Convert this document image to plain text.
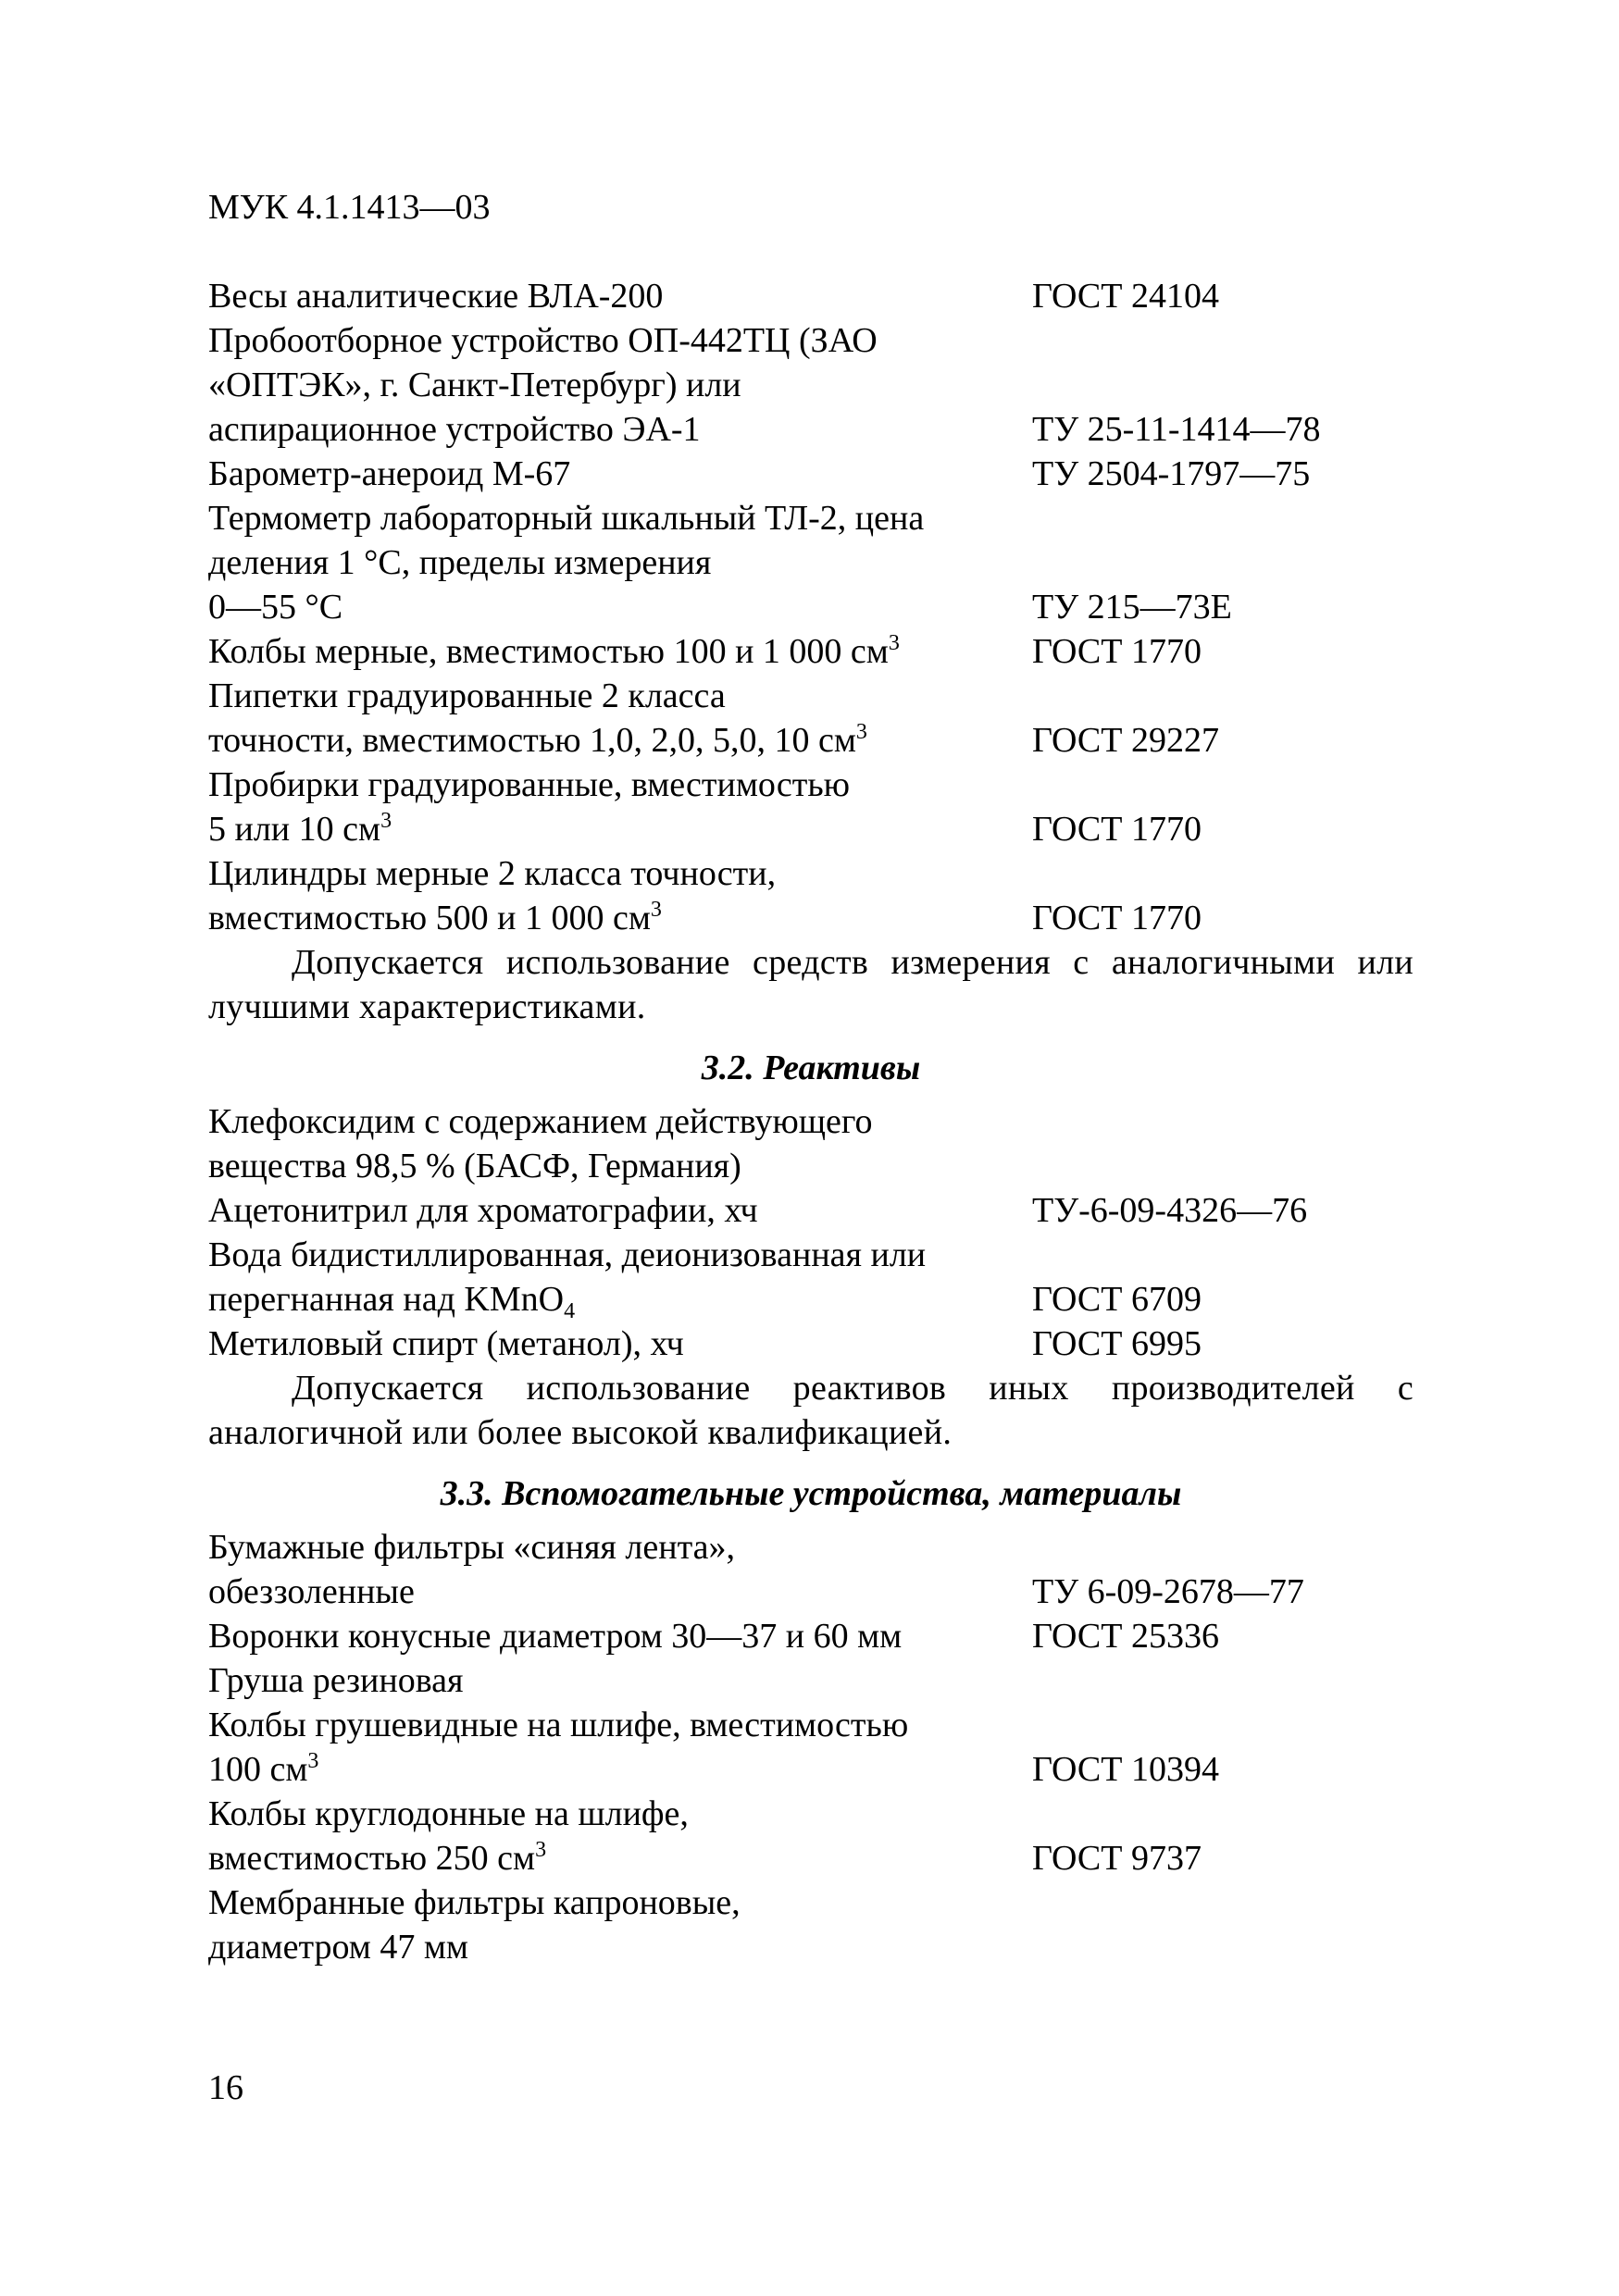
МУК 4.1.1413—03
Весы аналитические ВЛА-200	ГОСТ 24104
Пробоотборное устройство ОП-442ТЦ (ЗАО
«ОПТЭК», г. Санкт-Петербург) или
аспирационное устройство ЭА-1	ТУ 25-11-1414—78
Барометр-анероид М-67	ТУ 2504-1797—75
Термометр лабораторный шкальный ТЛ-2, цена
деления 1 °С, пределы измерения
0—55 °С	ТУ 215—73Е
Колбы мерные, вместимостью 100 и 1 000 $см^3$	ГОСТ 1770
Пипетки градуированные 2 класса
точности, вместимостью 1,0, 2,0, 5,0, 10 $см^3$	ГОСТ 29227
Пробирки градуированные, вместимостью
5 или 10 $см^3$	ГОСТ 1770
Цилиндры мерные 2 класса точности,
вместимостью 500 и 1 000 $см^3$	ГОСТ 1770
Допускается использование средств измерения с аналогичными или лучшими характеристиками.
3.2. Реактивы
Клефоксидим с содержанием действующего
вещества 98,5 % (БАСФ, Германия)
Ацетонитрил для хроматографии, хч	ТУ-6-09-4326—76
Вода бидистиллированная, деионизованная или
перегнанная над KMnO$_4$	ГОСТ 6709
Метиловый спирт (метанол), хч	ГОСТ 6995
Допускается использование реактивов иных производителей с аналогичной или более высокой квалификацией.
3.3. Вспомогательные устройства, материалы
Бумажные фильтры «синяя лента»,
обеззоленные	ТУ 6-09-2678—77
Воронки конусные диаметром 30—37 и 60 мм	ГОСТ 25336
Груша резиновая
Колбы грушевидные на шлифе, вместимостью
100 $см^3$	ГОСТ 10394
Колбы круглодонные на шлифе,
вместимостью 250 $см^3$	ГОСТ 9737
Мембранные фильтры капроновые,
диаметром 47 мм
16
